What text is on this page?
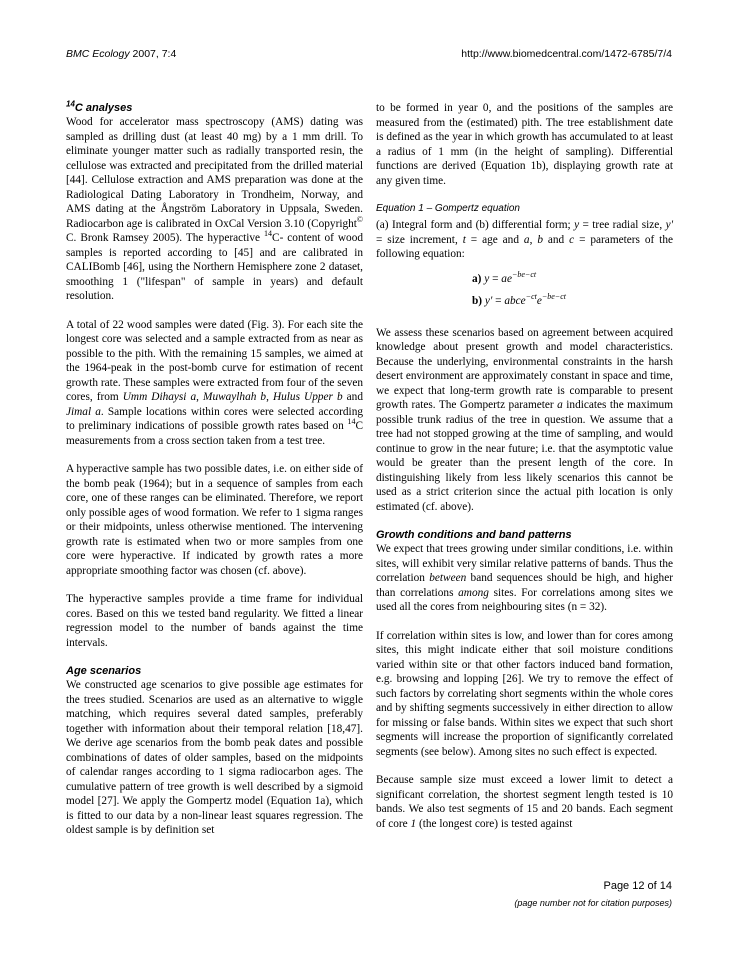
BMC Ecology 2007, 7:4	http://www.biomedcentral.com/1472-6785/7/4
$^{14}$C analyses

Wood for accelerator mass spectroscopy (AMS) dating was sampled as drilling dust (at least 40 mg) by a 1 mm drill. To eliminate younger matter such as radially transported resin, the cellulose was extracted and precipitated from the drilled material [44]. Cellulose extraction and AMS preparation was done at the Radiological Dating Laboratory in Trondheim, Norway, and AMS dating at the Ångström Laboratory in Uppsala, Sweden. Radiocarbon age is calibrated in OxCal Version 3.10 (Copyright© C. Bronk Ramsey 2005). The hyperactive $^{14}$C- content of wood samples is reported according to [45] and are calibrated in CALIBomb [46], using the Northern Hemisphere zone 2 dataset, smoothing 1 ("lifespan" of sample in years) and default resolution.

A total of 22 wood samples were dated (Fig. 3). For each site the longest core was selected and a sample extracted from as near as possible to the pith. With the remaining 15 samples, we aimed at the 1964-peak in the post-bomb curve for estimation of recent growth rate. These samples were extracted from four of the seven cores, from Umm Dihaysi a, Muwaylhah b, Hulus Upper b and Jimal a. Sample locations within cores were selected according to preliminary indications of possible growth rates based on $^{14}$C measurements from a cross section taken from a test tree.

A hyperactive sample has two possible dates, i.e. on either side of the bomb peak (1964); but in a sequence of samples from each core, one of these ranges can be eliminated. Therefore, we report only possible ages of wood formation. We refer to 1 sigma ranges or their midpoints, unless otherwise mentioned. The intervening growth rate is estimated when two or more samples from one core were hyperactive. If indicated by growth rates a more appropriate smoothing factor was chosen (cf. above).

The hyperactive samples provide a time frame for individual cores. Based on this we tested band regularity. We fitted a linear regression model to the number of bands against the time intervals.

Age scenarios

We constructed age scenarios to give possible age estimates for the trees studied. Scenarios are used as an alternative to wiggle matching, which requires several dated samples, preferably together with information about their temporal relation [18,47]. We derive age scenarios from the bomb peak dates and possible combinations of dates of older samples, based on the midpoints of calendar ranges according to 1 sigma radiocarbon ages. The cumulative pattern of tree growth is well described by a sigmoid model [27]. We apply the Gompertz model (Equation 1a), which is fitted to our data by a non-linear least squares regression. The oldest sample is by definition set

to be formed in year 0, and the positions of the samples are measured from the (estimated) pith. The tree establishment date is defined as the year in which growth has accumulated to at least a radius of 1 mm (in the height of sampling). Differential functions are derived (Equation 1b), displaying growth rate at any given time.

Equation 1 – Gompertz equation

(a) Integral form and (b) differential form; y = tree radial size, y' = size increment, t = age and a, b and c = parameters of the following equation:

a) $y = ae^{-be-ct}$
b) $y' = abce^{-ct}e^{-be-ct}$

We assess these scenarios based on agreement between acquired knowledge about present growth and model characteristics. Because the underlying, environmental constraints in the harsh desert environment are approximately constant in space and time, we expect that long-term growth rate is comparable to present growth rates. The Gompertz parameter a indicates the maximum possible trunk radius of the tree in question. We assume that a tree had not stopped growing at the time of sampling, and would continue to grow in the near future; i.e. that the asymptotic value would be greater than the present length of the core. In distinguishing likely from less likely scenarios this cannot be used as a strict criterion since the actual pith location is only estimated (cf. above).

Growth conditions and band patterns

We expect that trees growing under similar conditions, i.e. within sites, will exhibit very similar relative patterns of bands. Thus the correlation between band sequences should be high, and higher than correlations among sites. For correlations among sites we used all the cores from neighbouring sites (n = 32).

If correlation within sites is low, and lower than for cores among sites, this might indicate either that soil moisture conditions varied within site or that other factors induced band formation, e.g. browsing and lopping [26]. We try to remove the effect of such factors by correlating short segments within the whole cores and by shifting segments successively in either direction to allow for missing or false bands. Within sites we expect that such short segments will increase the proportion of significantly correlated segments (see below). Among sites no such effect is expected.

Because sample size must exceed a lower limit to detect a significant correlation, the shortest segment length tested is 10 bands. We also test segments of 15 and 20 bands. Each segment of core 1 (the longest core) is tested against

Page 12 of 14
(page number not for citation purposes)
